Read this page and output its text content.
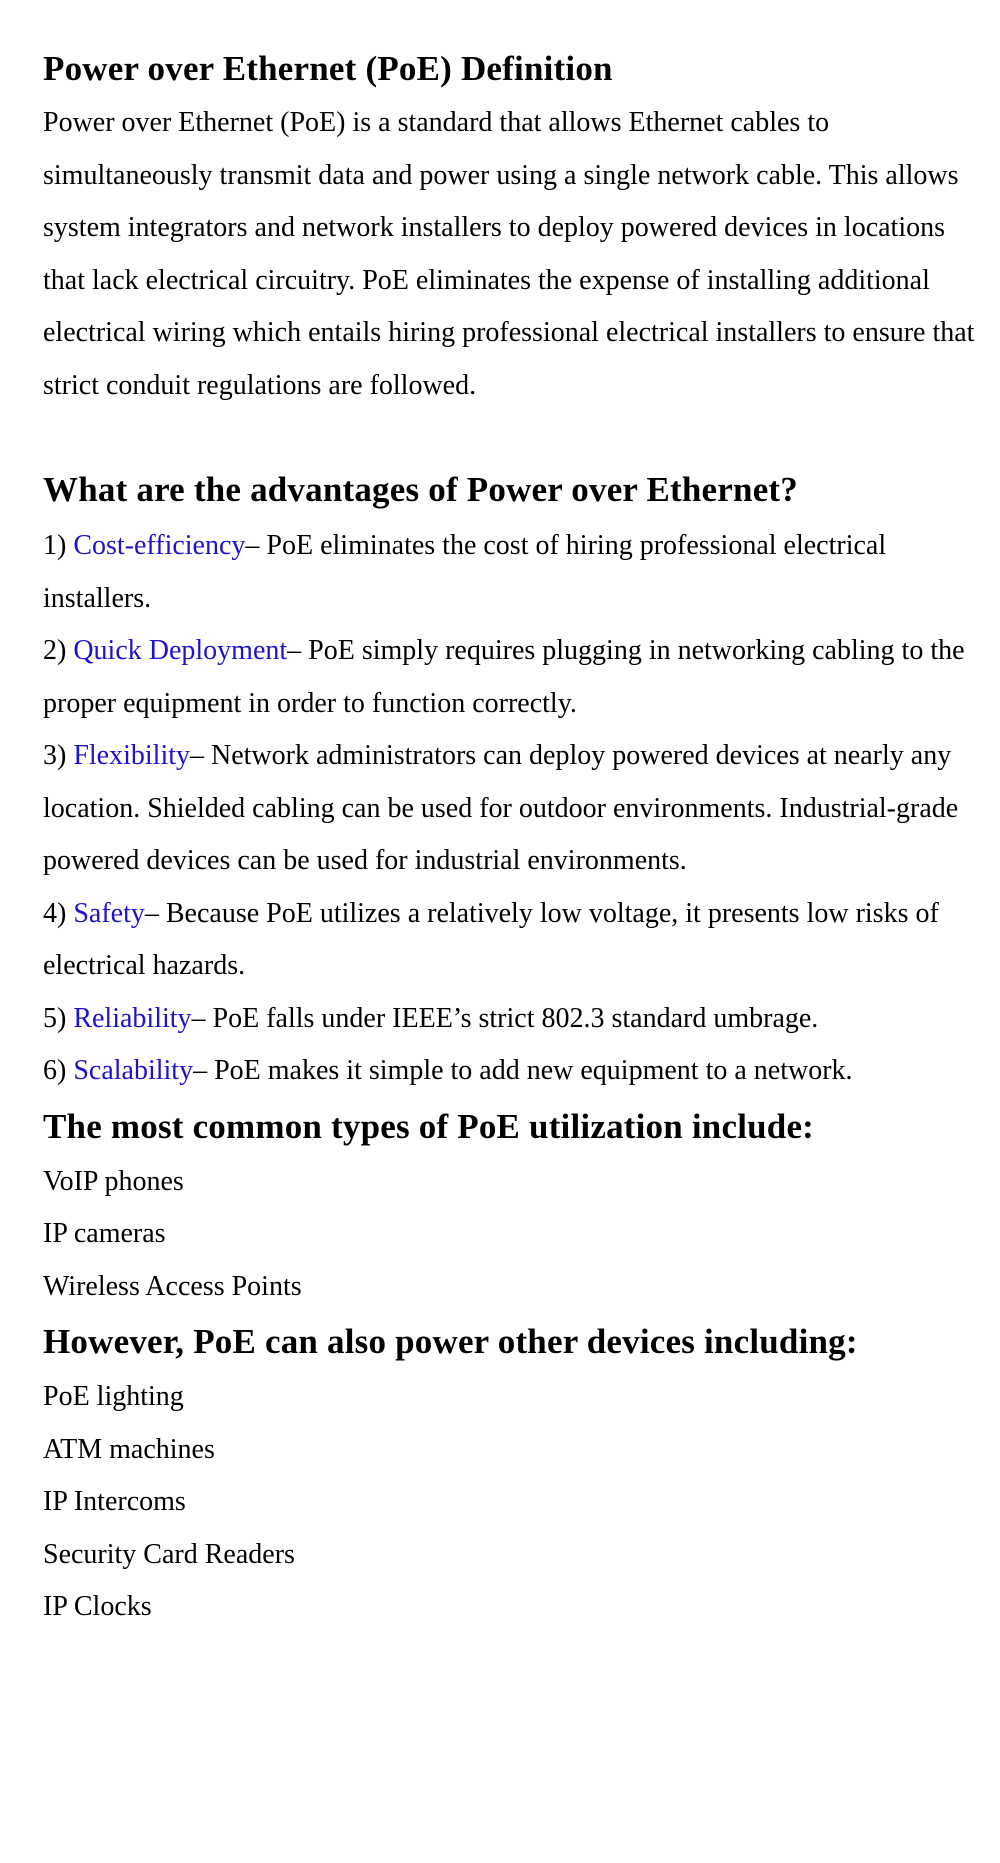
Power over Ethernet (PoE) Definition

Power over Ethernet (PoE) is a standard that allows Ethernet cables to simultaneously transmit data and power using a single network cable. This allows system integrators and network installers to deploy powered devices in locations that lack electrical circuitry. PoE eliminates the expense of installing additional electrical wiring which entails hiring professional electrical installers to ensure that strict conduit regulations are followed.

What are the advantages of Power over Ethernet?

1) Cost-efficiency– PoE eliminates the cost of hiring professional electrical installers.

2) Quick Deployment– PoE simply requires plugging in networking cabling to the proper equipment in order to function correctly.

3) Flexibility– Network administrators can deploy powered devices at nearly any location. Shielded cabling can be used for outdoor environments. Industrial-grade powered devices can be used for industrial environments.

4) Safety– Because PoE utilizes a relatively low voltage, it presents low risks of electrical hazards.

5) Reliability– PoE falls under IEEE’s strict 802.3 standard umbrage.

6) Scalability– PoE makes it simple to add new equipment to a network.

The most common types of PoE utilization include:

VoIP phones

IP cameras

Wireless Access Points

However, PoE can also power other devices including:

PoE lighting

ATM machines

IP Intercoms

Security Card Readers

IP Clocks
